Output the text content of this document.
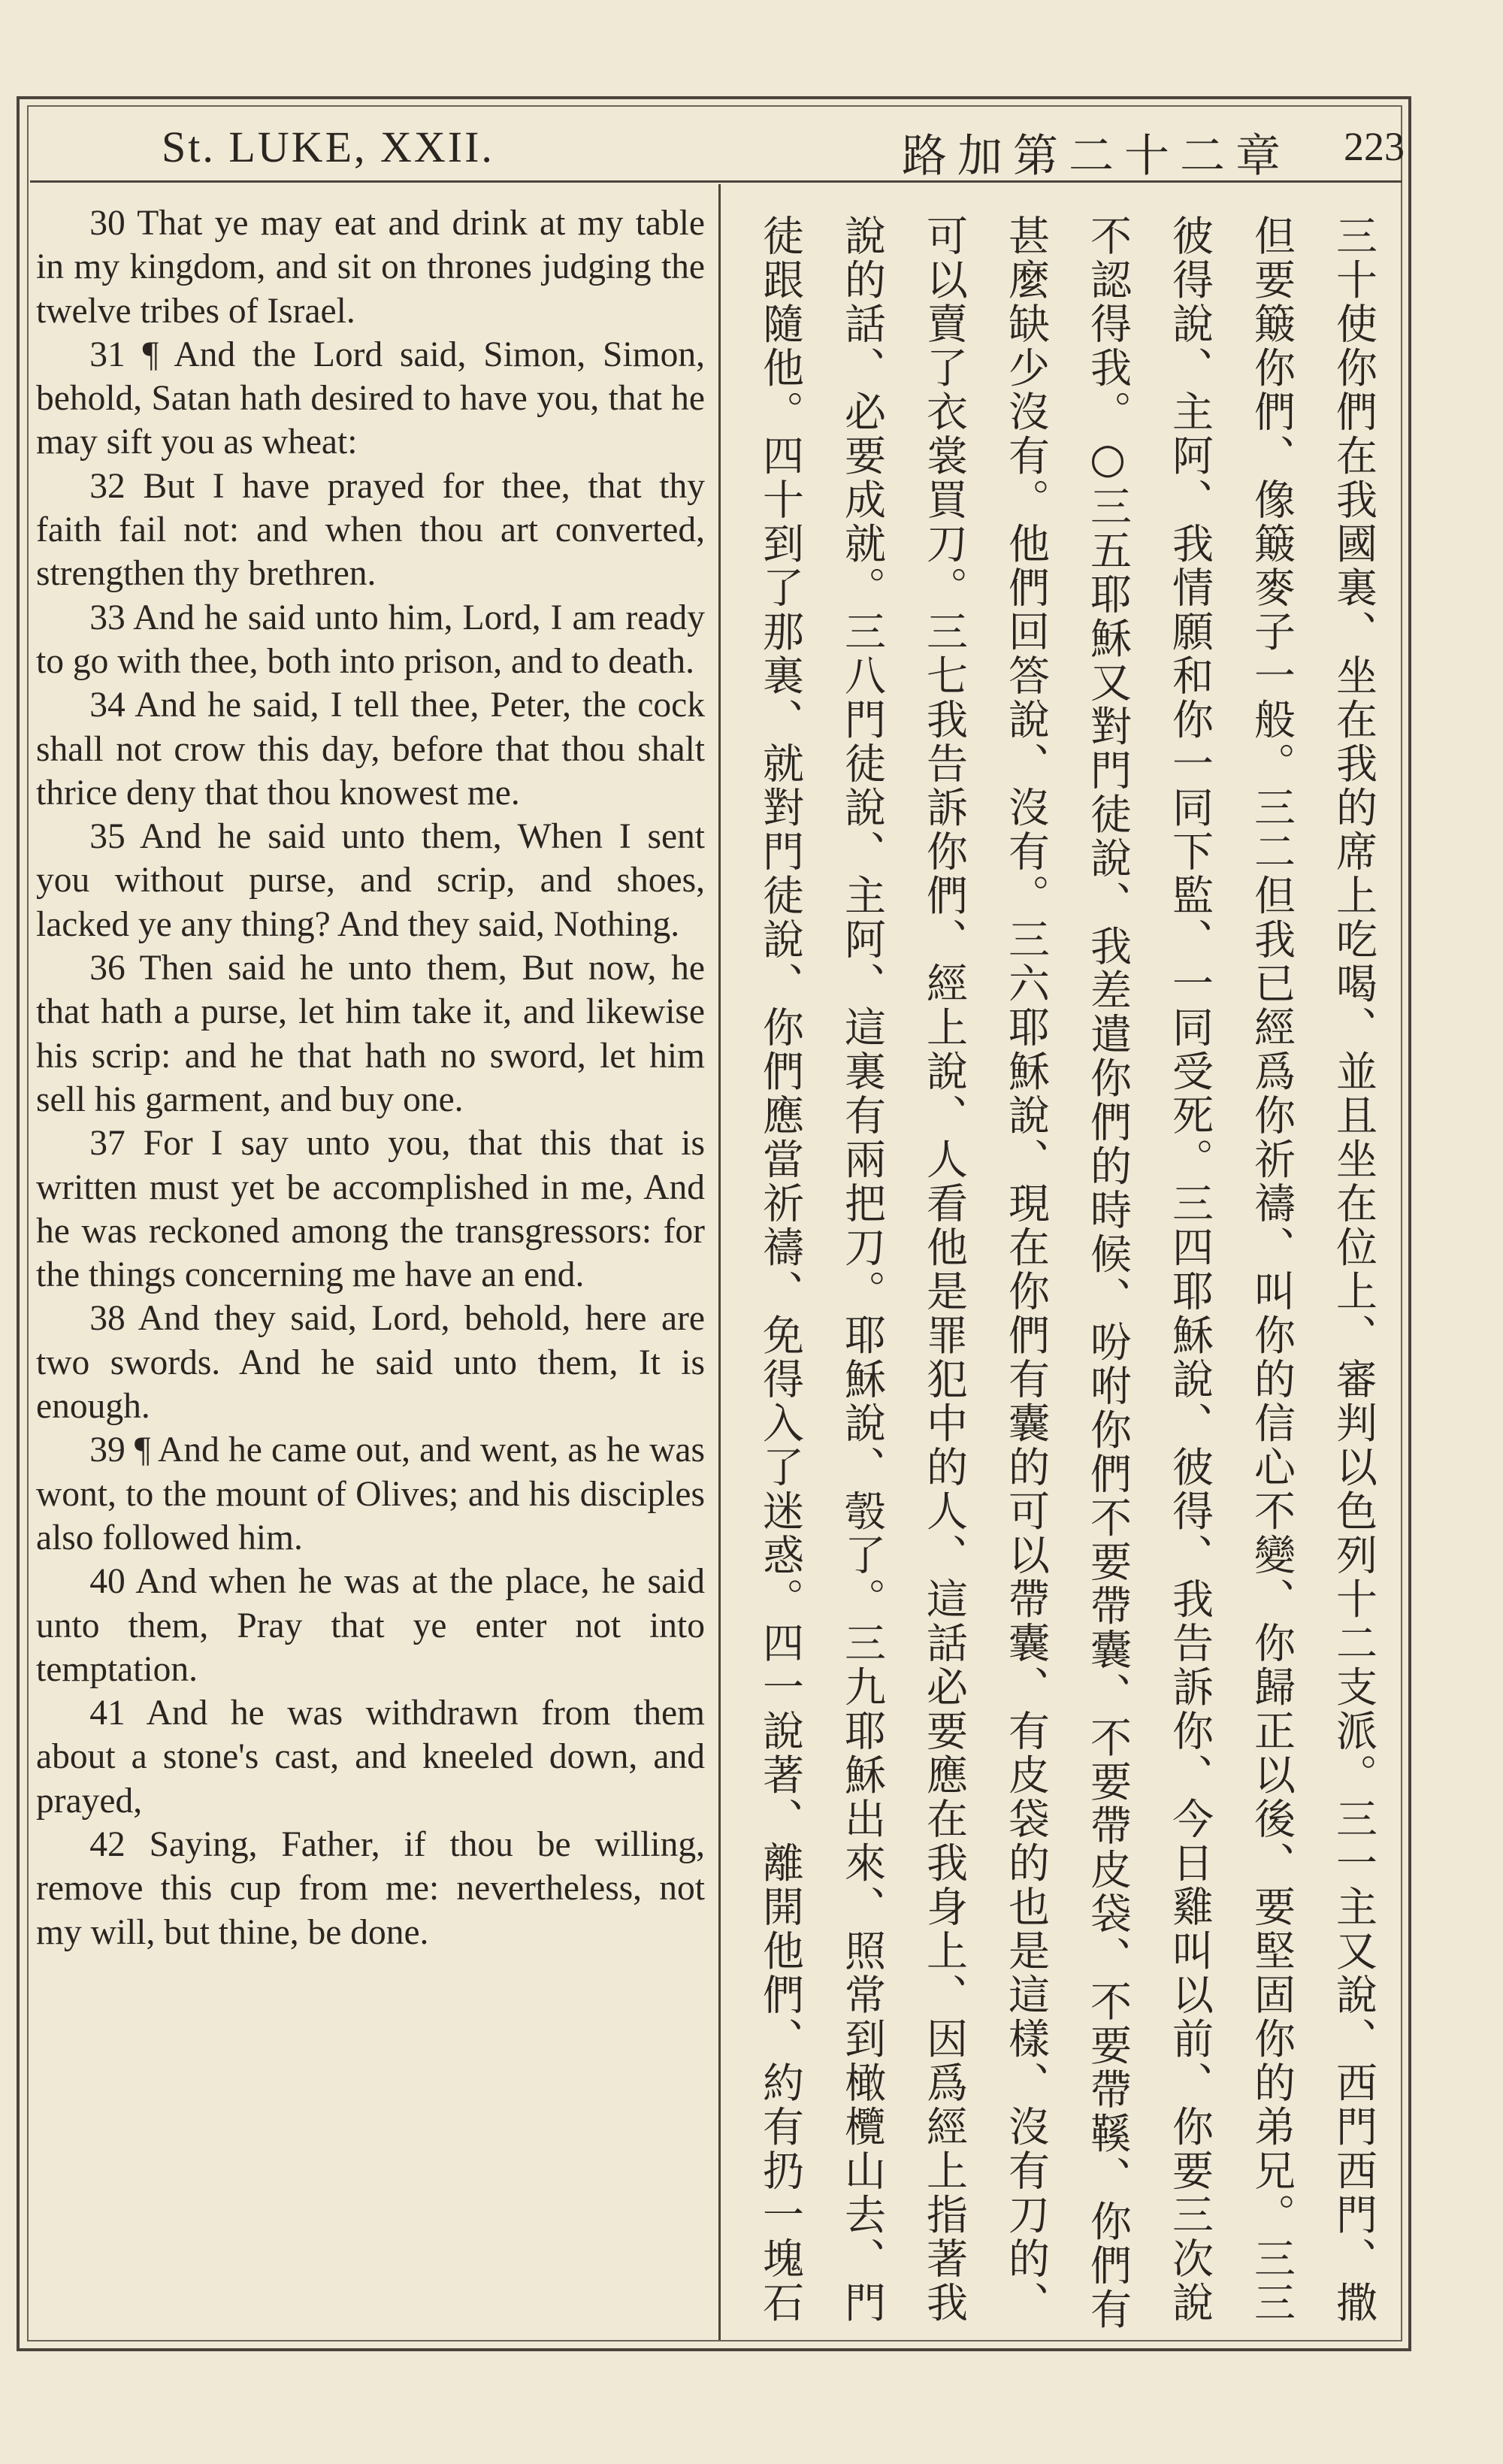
St. LUKE, XXII.	路加第二十二章 223

30 That ye may eat and drink at my table in my kingdom, and sit on thrones judging the twelve tribes of Israel.

31 ¶ And the Lord said, Simon, Simon, behold, Satan hath desired to have you, that he may sift you as wheat:

32 But I have prayed for thee, that thy faith fail not: and when thou art converted, strengthen thy brethren.

33 And he said unto him, Lord, I am ready to go with thee, both into prison, and to death.

34 And he said, I tell thee, Peter, the cock shall not crow this day, before that thou shalt thrice deny that thou knowest me.

35 And he said unto them, When I sent you without purse, and scrip, and shoes, lacked ye any thing? And they said, Nothing.

36 Then said he unto them, But now, he that hath a purse, let him take it, and likewise his scrip: and he that hath no sword, let him sell his garment, and buy one.

37 For I say unto you, that this that is written must yet be accomplished in me, And he was reckoned among the transgressors: for the things concerning me have an end.

38 And they said, Lord, behold, here are two swords. And he said unto them, It is enough.

39 ¶ And he came out, and went, as he was wont, to the mount of Olives; and his disciples also followed him.

40 And when he was at the place, he said unto them, Pray that ye enter not into temptation.

41 And he was withdrawn from them about a stone's cast, and kneeled down, and prayed,

42 Saying, Father, if thou be willing, remove this cup from me: nevertheless, not my will, but thine, be done.

三十使你們在我國裏、坐在我的席上吃喝、並且坐在位上、審判以色列十二支派。三一主又說、西門西門、撒但要簸你們、像簸麥子一般。三二但我已經爲你祈禱、叫你的信心不變、你歸正以後、要堅固你的弟兄。三三彼得說、主阿、我情願和你一同下監、一同受死。三四耶穌說、彼得、我告訴你、今日雞叫以前、你要三次說不認得我。○三五耶穌又對門徒說、我差遣你們的時候、吩咐你們不要帶囊、不要帶皮袋、不要帶鞵、你們有甚麼缺少沒有。他們回答說、沒有。三六耶穌說、現在你們有囊的可以帶囊、有皮袋的也是這樣、沒有刀的、可以賣了衣裳買刀。三七我告訴你們、經上說、人看他是罪犯中的人、這話必要應在我身上、因爲經上指著我說的話、必要成就。三八門徒說、主阿、這裏有兩把刀。耶穌說、彀了。三九耶穌出來、照常到橄欖山去、門徒跟隨他。四十到了那裏、就對門徒說、你們應當祈禱、免得入了迷惑。四一說著、離開他們、約有扔一塊石
